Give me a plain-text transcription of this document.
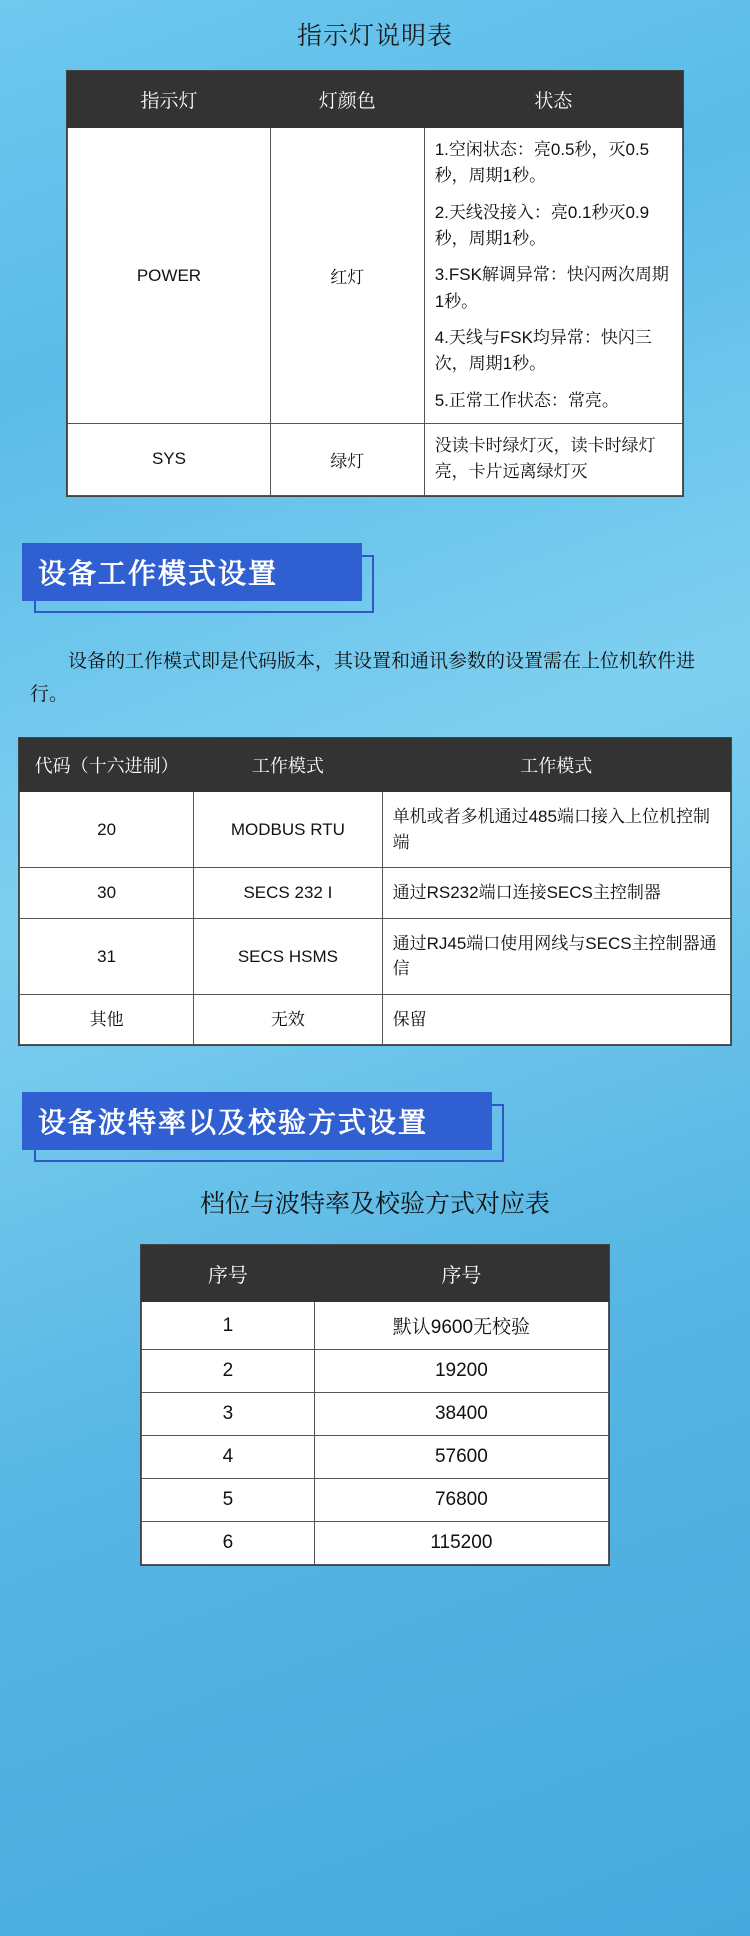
指示灯说明表
指示灯	灯颜色	状态
POWER	红灯	1.空闲状态：亮0.5秒，灭0.5秒，周期1秒。

2.天线没接入：亮0.1秒灭0.9秒，周期1秒。

3.FSK解调异常：快闪两次周期1秒。

4.天线与FSK均异常：快闪三次，周期1秒。

5.正常工作状态：常亮。

SYS	绿灯	没读卡时绿灯灭，读卡时绿灯亮，卡片远离绿灯灭
设备工作模式设置
设备的工作模式即是代码版本，其设置和通讯参数的设置需在上位机软件进行。
代码（十六进制）	工作模式	工作模式
20	MODBUS RTU	单机或者多机通过485端口接入上位机控制端
30	SECS 232 I	通过RS232端口连接SECS主控制器
31	SECS HSMS	通过RJ45端口使用网线与SECS主控制器通信
其他	无效	保留
设备波特率以及校验方式设置
档位与波特率及校验方式对应表
序号	序号
1	默认9600无校验
2	19200
3	38400
4	57600
5	76800
6	115200
